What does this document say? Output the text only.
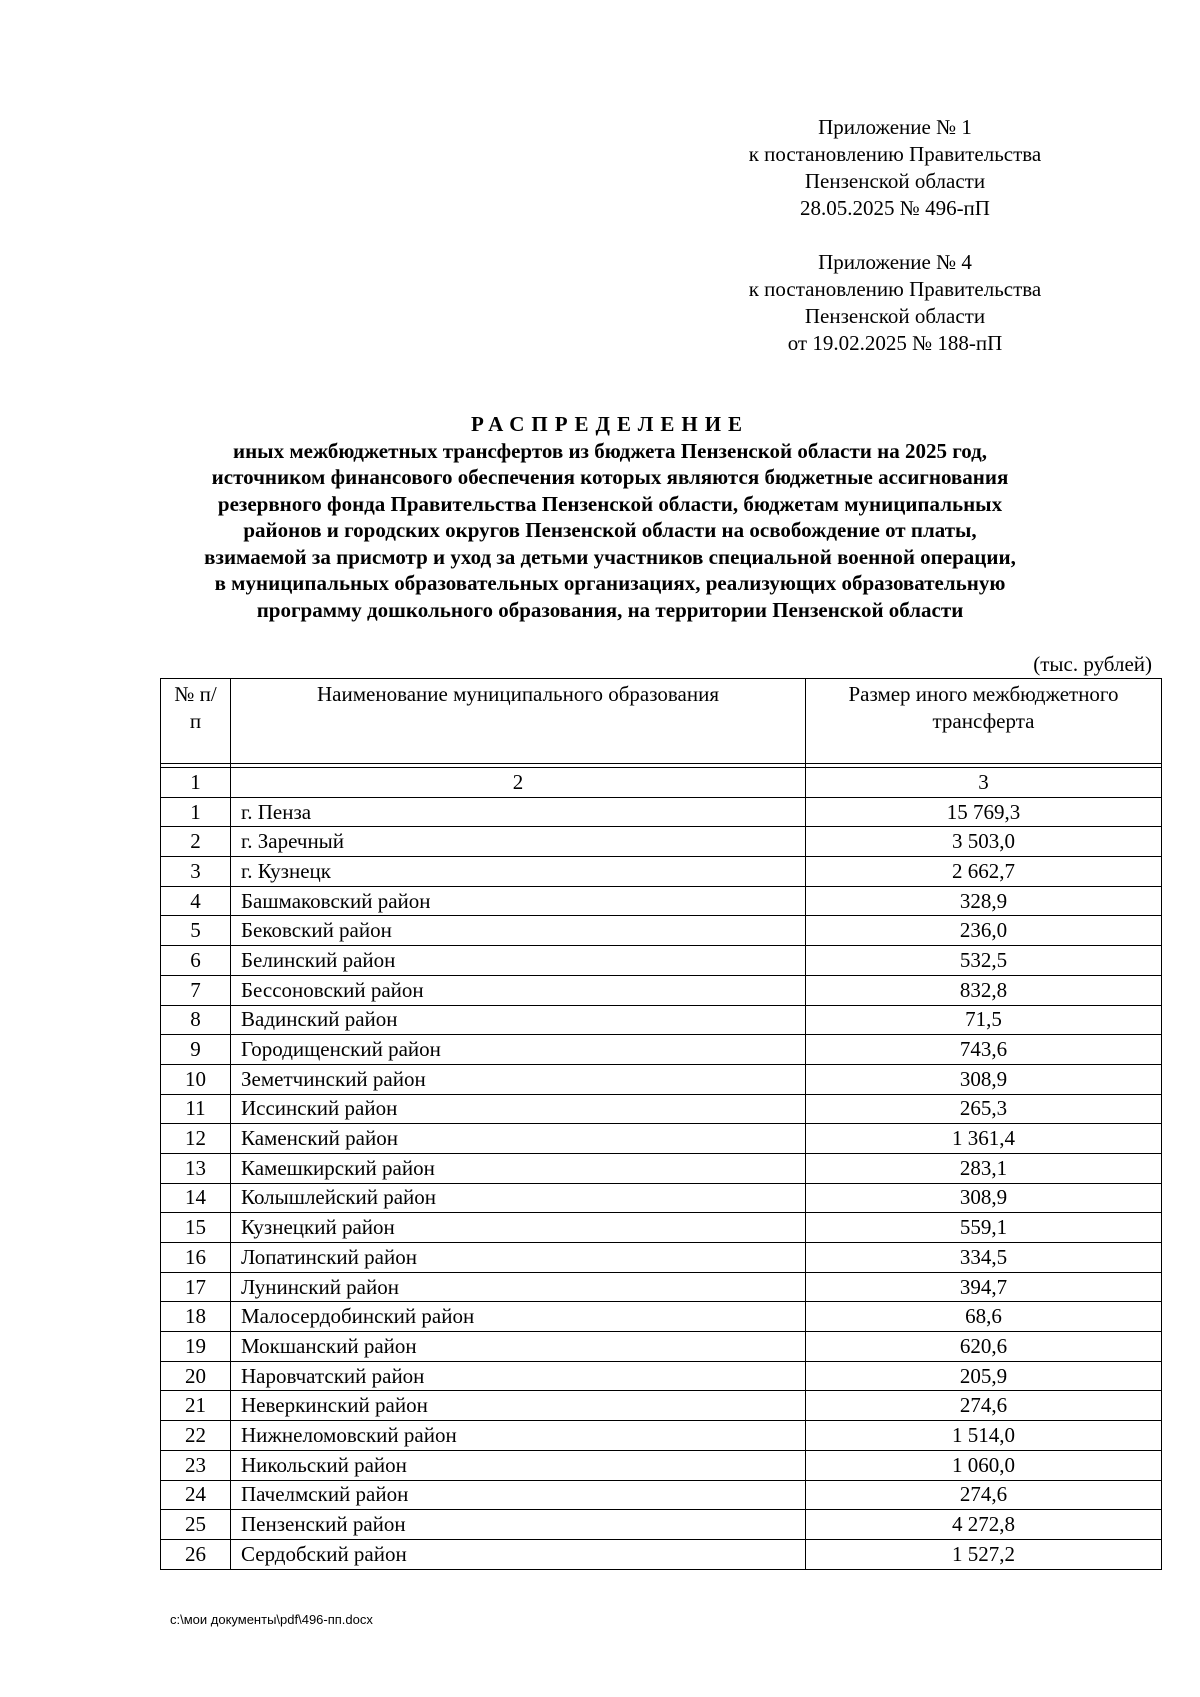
Приложение № 1
к постановлению Правительства
Пензенской области
28.05.2025 № 496-пП
Приложение № 4
к постановлению Правительства
Пензенской области
от 19.02.2025 № 188-пП
РАСПРЕДЕЛЕНИЕ
иных межбюджетных трансфертов из бюджета Пензенской области на 2025 год,
источником финансового обеспечения которых являются бюджетные ассигнования
резервного фонда Правительства Пензенской области, бюджетам муниципальных
районов и городских округов Пензенской области на освобождение от платы,
взимаемой за присмотр и уход за детьми участников специальной военной операции,
в муниципальных образовательных организациях, реализующих образовательную
программу дошкольного образования, на территории Пензенской области
(тыс. рублей)
№ п/п	Наименование муниципального образования	Размер иного межбюджетного трансферта

1	2	3
1	г. Пенза	15 769,3
2	г. Заречный	3 503,0
3	г. Кузнецк	2 662,7
4	Башмаковский район	328,9
5	Бековский район	236,0
6	Белинский район	532,5
7	Бессоновский район	832,8
8	Вадинский район	71,5
9	Городищенский район	743,6
10	Земетчинский район	308,9
11	Иссинский район	265,3
12	Каменский район	1 361,4
13	Камешкирский район	283,1
14	Колышлейский район	308,9
15	Кузнецкий район	559,1
16	Лопатинский район	334,5
17	Лунинский район	394,7
18	Малосердобинский район	68,6
19	Мокшанский район	620,6
20	Наровчатский район	205,9
21	Неверкинский район	274,6
22	Нижнеломовский район	1 514,0
23	Никольский район	1 060,0
24	Пачелмский район	274,6
25	Пензенский район	4 272,8
26	Сердобский район	1 527,2
c:\мои документы\pdf\496-пп.docx
